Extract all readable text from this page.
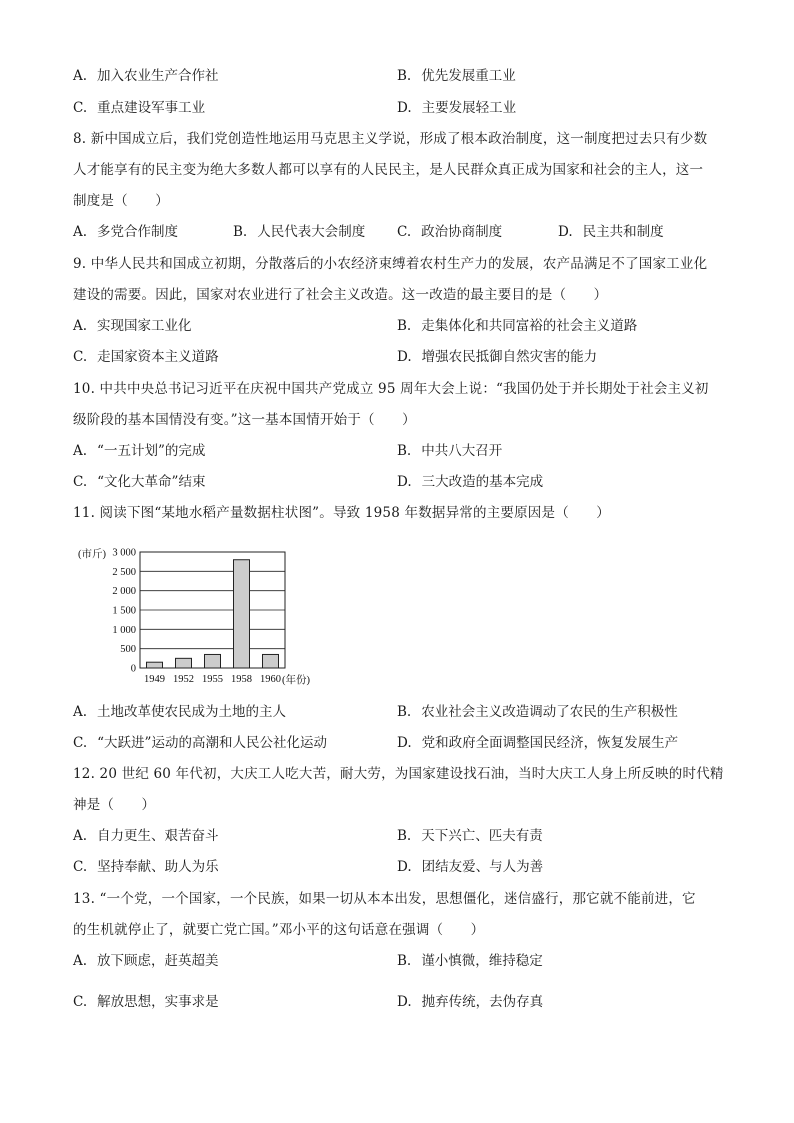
A. 加入农业生产合作社	B. 优先发展重工业
C. 重点建设军事工业	D. 主要发展轻工业
8. 新中国成立后，我们党创造性地运用马克思主义学说，形成了根本政治制度，这一制度把过去只有少数
人才能享有的民主变为绝大多数人都可以享有的人民民主，是人民群众真正成为国家和社会的主人，这一
制度是（　　）
A. 多党合作制度	B. 人民代表大会制度 C. 政治协商制度	D. 民主共和制度
9. 中华人民共和国成立初期，分散落后的小农经济束缚着农村生产力的发展，农产品满足不了国家工业化
建设的需要。因此，国家对农业进行了社会主义改造。这一改造的最主要目的是（　　）
A. 实现国家工业化	B. 走集体化和共同富裕的社会主义道路
C. 走国家资本主义道路	D. 增强农民抵御自然灾害的能力
10. 中共中央总书记习近平在庆祝中国共产党成立 95 周年大会上说：“我国仍处于并长期处于社会主义初
级阶段的基本国情没有变。”这一基本国情开始于（　　）
A. “一五计划”的完成	B. 中共八大召开
C. “文化大革命”结束	D. 三大改造的基本完成
11. 阅读下图“某地水稻产量数据柱状图”。导致 1958 年数据异常的主要原因是（　　）
3 000
2 500
2 000
1 500
1 000
500
0
1949 1952 1955 1958 1960
(市斤)
(年份)
A. 土地改革使农民成为土地的主人	B. 农业社会主义改造调动了农民的生产积极性
C. “大跃进”运动的高潮和人民公社化运动	D. 党和政府全面调整国民经济，恢复发展生产
12. 20 世纪 60 年代初，大庆工人吃大苦，耐大劳，为国家建设找石油，当时大庆工人身上所反映的时代精
神是（　　）
A. 自力更生、艰苦奋斗	B. 天下兴亡、匹夫有责
C. 坚持奉献、助人为乐	D. 团结友爱、与人为善
13. “一个党，一个国家，一个民族，如果一切从本本出发，思想僵化，迷信盛行，那它就不能前进，它
的生机就停止了，就要亡党亡国。”邓小平的这句话意在强调（　　）
A. 放下顾虑，赶英超美	B. 谨小慎微，维持稳定
C. 解放思想，实事求是	D. 抛弃传统，去伪存真
